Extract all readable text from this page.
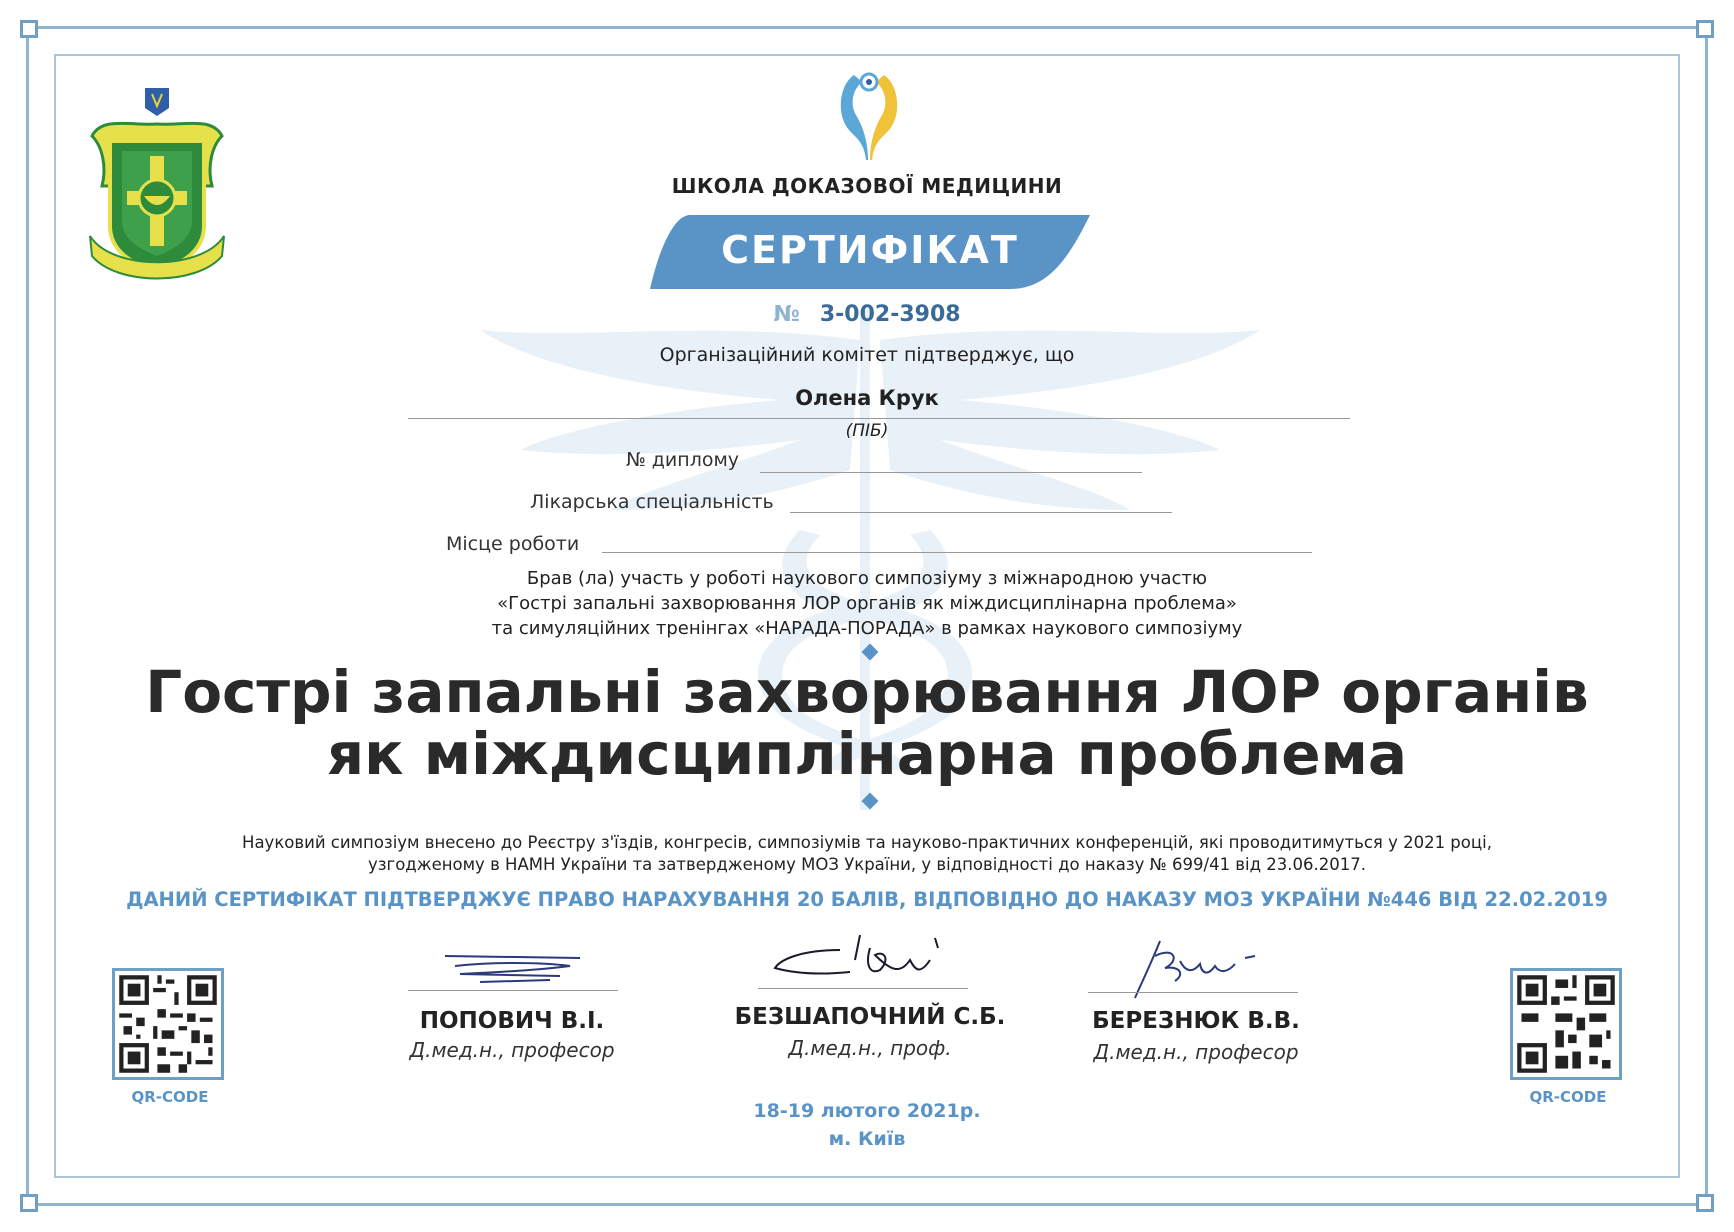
ШКОЛА ДОКАЗОВОЇ МЕДИЦИНИ
СЕРТИФІКАТ
№ 3-002-3908
Організаційний комітет підтверджує, що
Олена Крук
(ПІБ)
№ диплому
Лікарська спеціальність
Місце роботи
Брав (ла) участь у роботі наукового симпозіуму з міжнародною участю
«Гострі запальні захворювання ЛОР органів як міждисциплінарна проблема»
та симуляційних тренінгах «НАРАДА-ПОРАДА» в рамках наукового симпозіуму
Гострі запальні захворювання ЛОР органів
як міждисциплінарна проблема
Науковий симпозіум внесено до Реєстру з'їздів, конгресів, симпозіумів та науково-практичних конференцій, які проводитимуться у 2021 році,
узгодженому в НАМН України та затвердженому МОЗ України, у відповідності до наказу № 699/41 від 23.06.2017.
ДАНИЙ СЕРТИФІКАТ ПІДТВЕРДЖУЄ ПРАВО НАРАХУВАННЯ 20 БАЛІВ, ВІДПОВІДНО ДО НАКАЗУ МОЗ УКРАЇНИ №446 ВІД 22.02.2019
QR-CODE	QR-CODE
ПОПОВИЧ В.І.
Д.мед.н., професор
БЕЗШАПОЧНИЙ С.Б.
Д.мед.н., проф.
БЕРЕЗНЮК В.В.
Д.мед.н., професор
18-19 лютого 2021р.
м. Київ
